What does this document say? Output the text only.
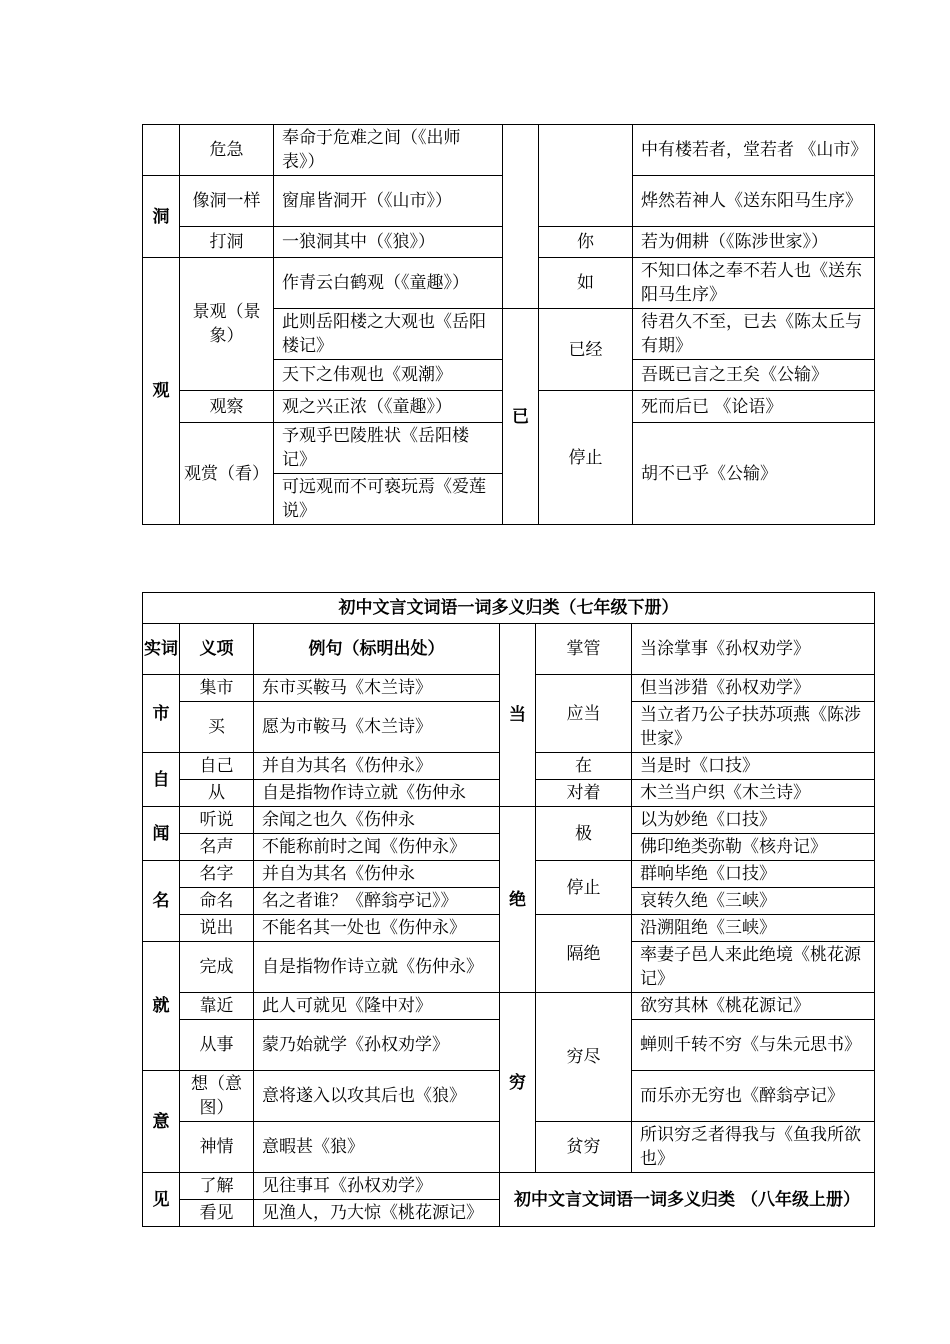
	危急	奉命于危难之间（《出师表》）			中有楼若者，堂若者 《山市》
洞	像洞一样	窗扉皆洞开（《山市》）			烨然若神人《送东阳马生序》
	打洞	一狼洞其中（《狼》）		你	若为佣耕（《陈涉世家》）
观	景观（景象）	作青云白鹤观（《童趣》）		如	不知口体之奉不若人也《送东阳马生序》
		此则岳阳楼之大观也《岳阳楼记》	已	已经	待君久不至，已去《陈太丘与有期》
		天下之伟观也《观潮》			吾既已言之王矣《公输》
	观察	观之兴正浓（《童趣》）		停止	死而后已 《论语》
	观赏（看）	予观乎巴陵胜状《岳阳楼记》			胡不已乎《公输》
		可远观而不可亵玩焉《爱莲说》			
初中文言文词语一词多义归类（七年级下册）					
实词	义项	例句（标明出处）	当	掌管	当涂掌事《孙权劝学》
市	集市	东市买鞍马《木兰诗》		应当	但当涉猎《孙权劝学》
	买	愿为市鞍马《木兰诗》			当立者乃公子扶苏项燕《陈涉世家》
自	自己	并自为其名《伤仲永》		在	当是时《口技》
	从	自是指物作诗立就《伤仲永		对着	木兰当户织《木兰诗》
闻	听说	余闻之也久《伤仲永	绝	极	以为妙绝《口技》
	名声	不能称前时之闻《伤仲永》			佛印绝类弥勒《核舟记》
名	名字	并自为其名《伤仲永		停止	群响毕绝《口技》
	命名	名之者谁？《醉翁亭记》》			哀转久绝《三峡》
	说出	不能名其一处也《伤仲永》		隔绝	沿溯阻绝《三峡》
就	完成	自是指物作诗立就《伤仲永》			率妻子邑人来此绝境《桃花源记》
	靠近	此人可就见《隆中对》	穷	穷尽	欲穷其林《桃花源记》
	从事	蒙乃始就学《孙权劝学》			蝉则千转不穷《与朱元思书》
意	想（意图）	意将遂入以攻其后也《狼》			而乐亦无穷也《醉翁亭记》
	神情	意暇甚《狼》		贫穷	所识穷乏者得我与《鱼我所欲也》
见	了解	见往事耳《孙权劝学》	初中文言文词语一词多义归类 （八年级上册）		
	看见	见渔人，乃大惊《桃花源记》			
